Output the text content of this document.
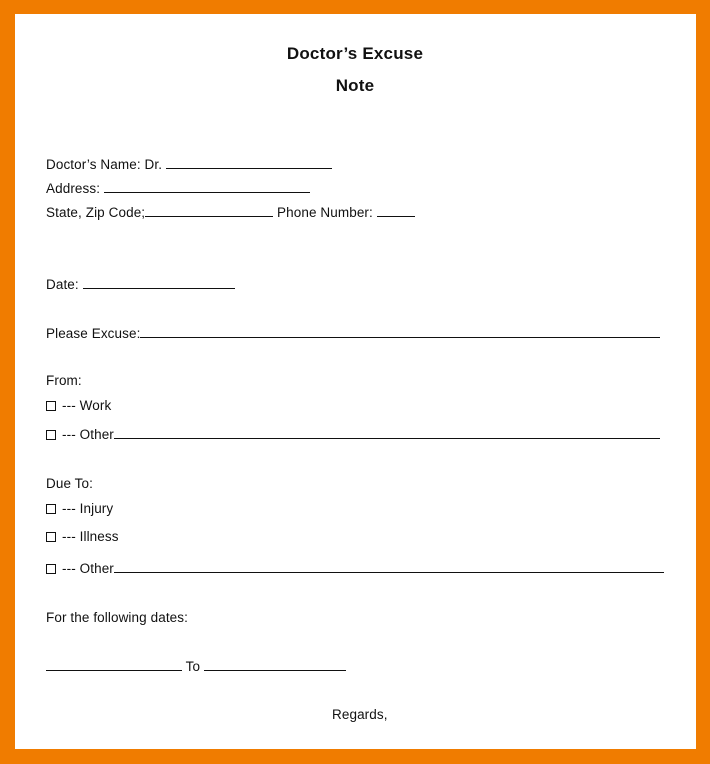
Doctor’s Excuse
Note
Doctor’s Name: Dr.
Address:
State, Zip Code;	Phone Number:
Date:
Please Excuse:
From:
--- Work
--- Other
Due To:
--- Injury
--- Illness
--- Other
For the following dates:
To
Regards,
